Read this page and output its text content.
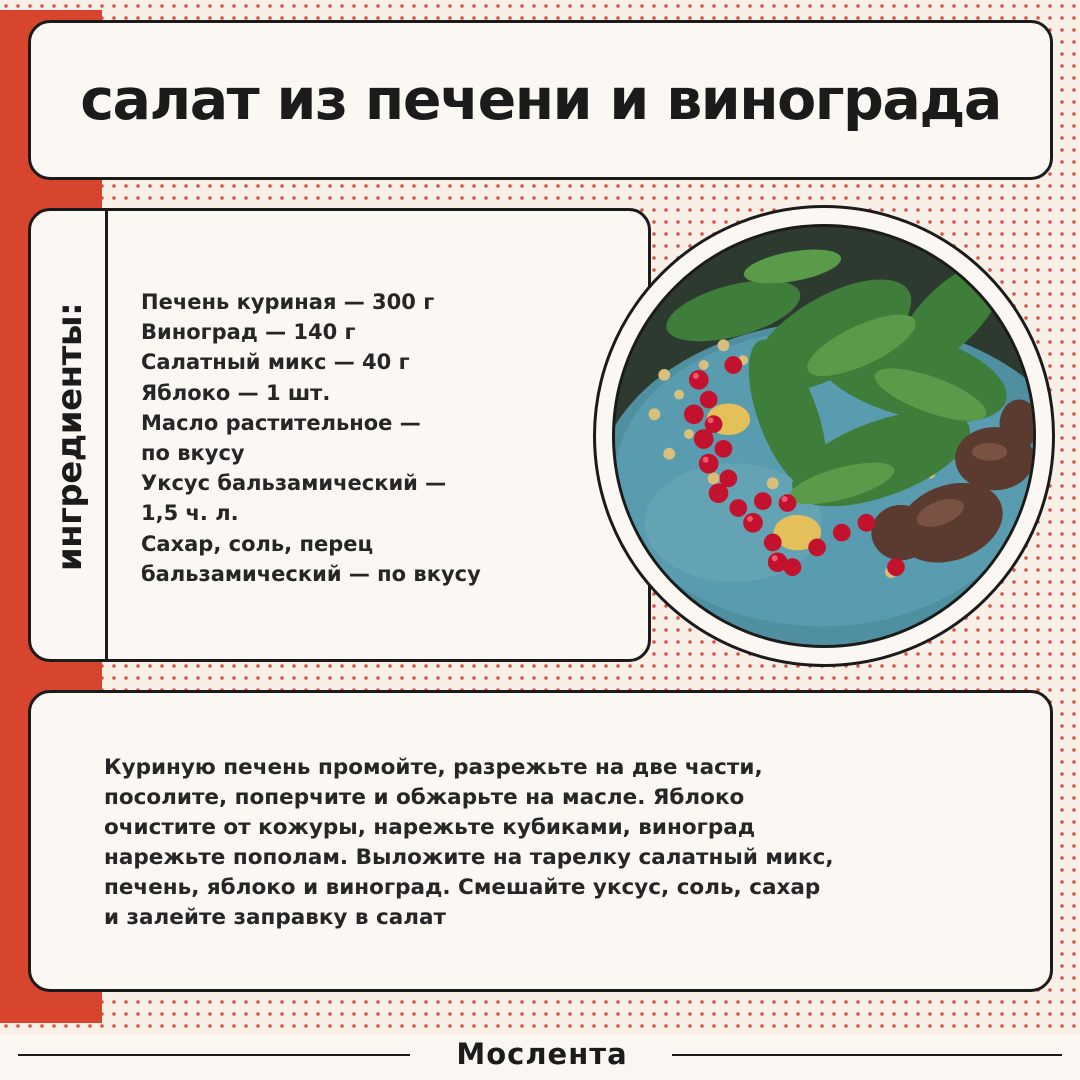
салат из печени и винограда
ингредиенты:
Печень куриная — 300 г
Виноград — 140 г
Салатный микс — 40 г
Яблоко — 1 шт.
Масло растительное —
по вкусу
Уксус бальзамический —
1,5 ч. л.
Сахар, соль, перец
бальзамический — по вкусу

Куриную печень промойте, разрежьте на две части,
посолите, поперчите и обжарьте на масле. Яблоко
очистите от кожуры, нарежьте кубиками, виноград
нарежьте пополам. Выложите на тарелку салатный микс,
печень, яблоко и виноград. Смешайте уксус, соль, сахар
и залейте заправку в салат

Мослента
